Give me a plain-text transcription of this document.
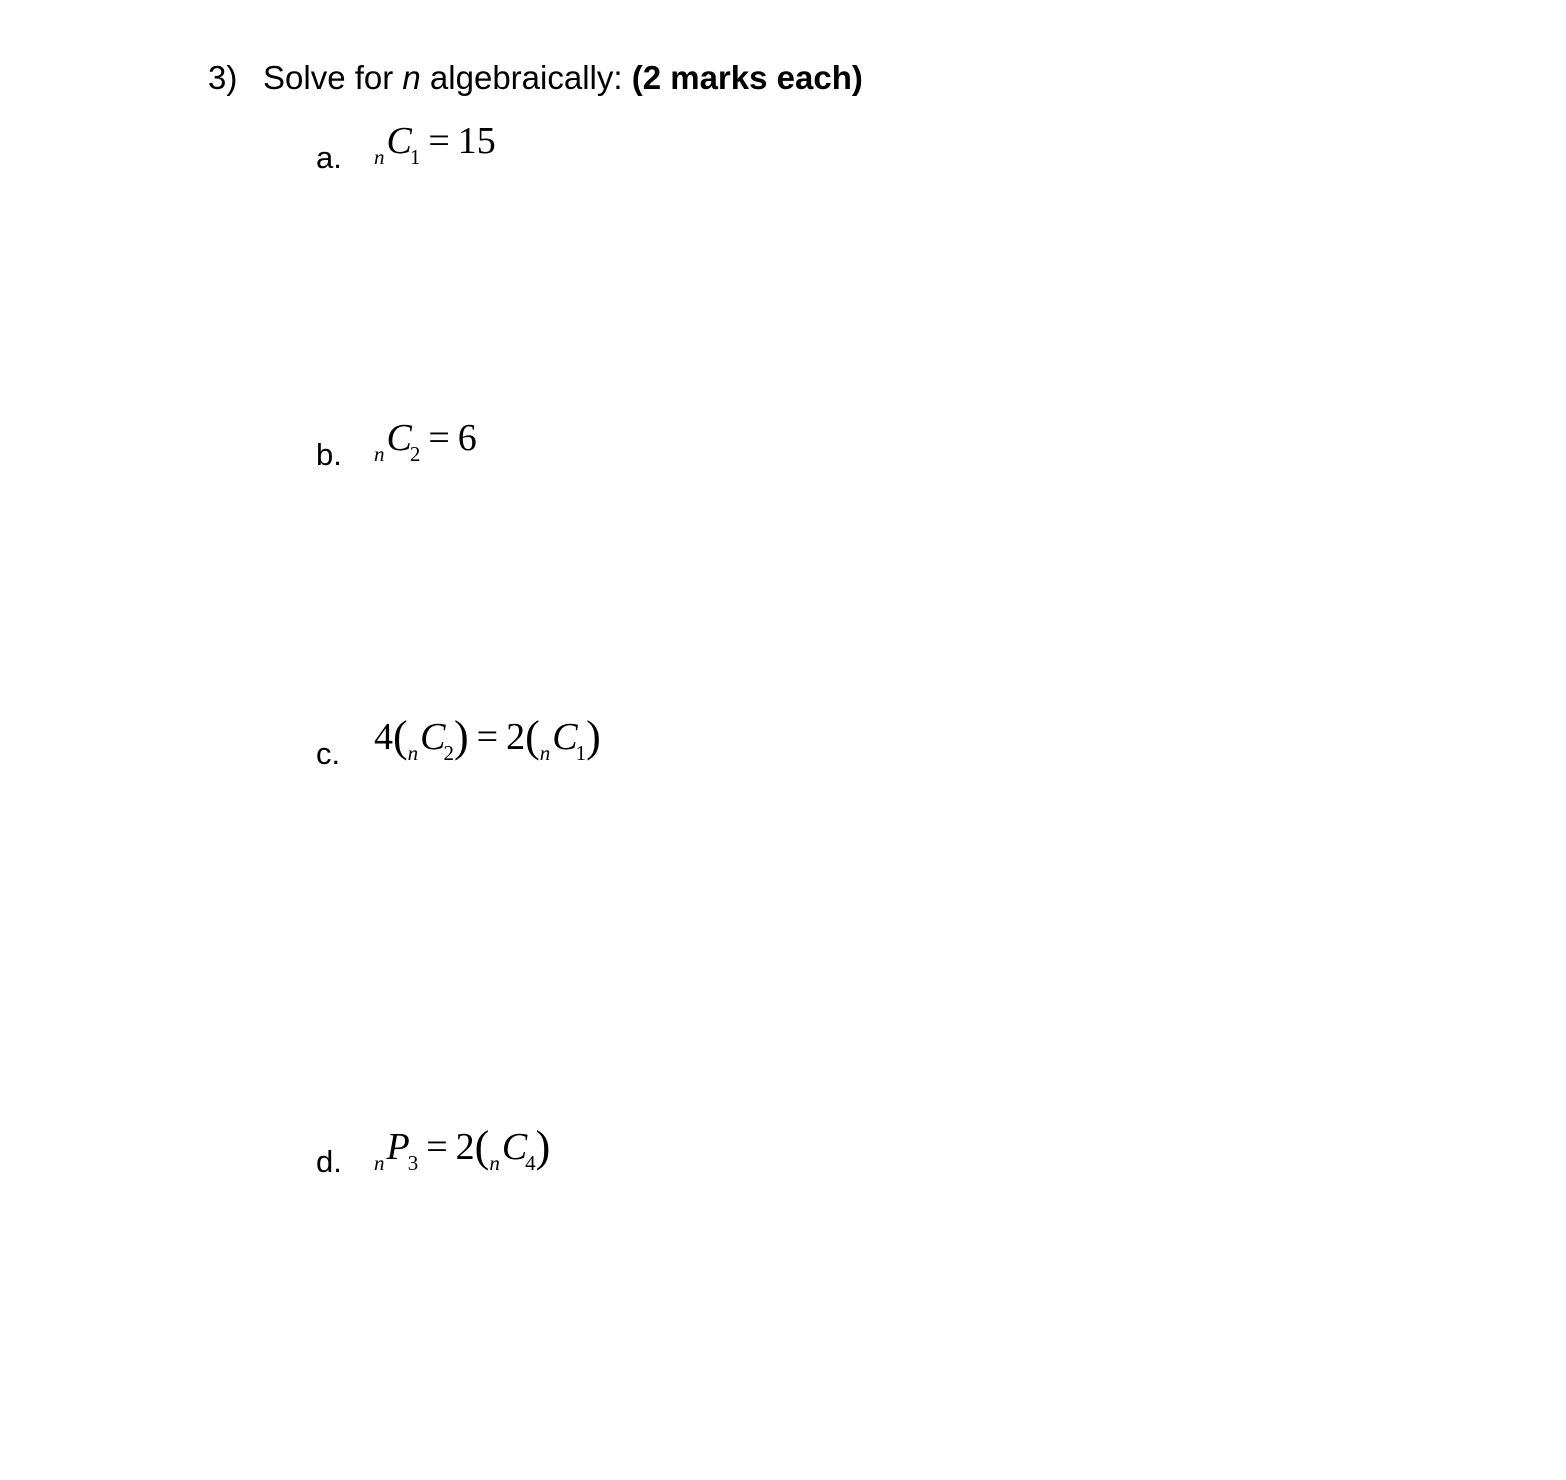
3) Solve for n algebraically: (2 marks each)
a. $_nC_1 = 15$
b. $_nC_2 = 6$
c. $4(_nC_2) = 2(_nC_1)$
d. $_nP_3 = 2(_nC_4)$
